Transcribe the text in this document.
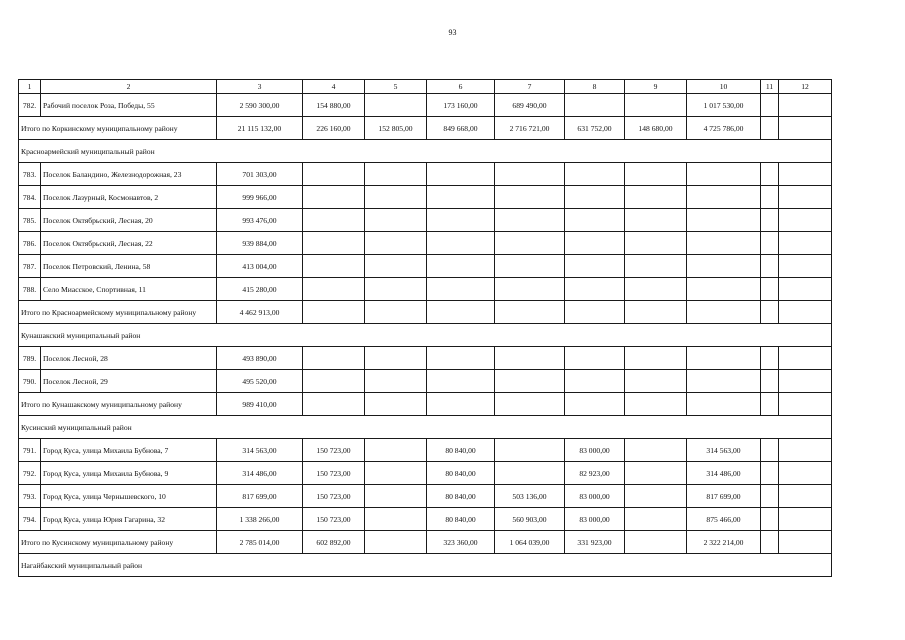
93
1	2	3	4	5	6	7	8	9	10	11	12
782.	Рабочий поселок Роза, Победы, 55	2 590 300,00	154 880,00		173 160,00	689 490,00			1 017 530,00		
Итого по Коркинскому муниципальному району		21 115 132,00	226 160,00	152 805,00	849 668,00	2 716 721,00	631 752,00	148 680,00	4 725 786,00		
Красноармейский муниципальный район											
783.	Поселок Баландино, Железнодорожная, 23	701 303,00									
784.	Поселок Лазурный, Космонавтов, 2	999 966,00									
785.	Поселок Октябрьский, Лесная, 20	993 476,00									
786.	Поселок Октябрьский, Лесная, 22	939 884,00									
787.	Поселок Петровский, Ленина, 58	413 004,00									
788.	Село Миасское, Спортивная, 11	415 280,00									
Итого по Красноармейскому муниципальному району		4 462 913,00									
Кунашакский муниципальный район											
789.	Поселок Лесной, 28	493 890,00									
790.	Поселок Лесной, 29	495 520,00									
Итого по Кунашакскому муниципальному району		989 410,00									
Кусинский муниципальный район											
791.	Город Куса, улица Михаила Бубнова, 7	314 563,00	150 723,00		80 840,00		83 000,00		314 563,00		
792.	Город Куса, улица Михаила Бубнова, 9	314 486,00	150 723,00		80 840,00		82 923,00		314 486,00		
793.	Город Куса, улица Чернышевского, 10	817 699,00	150 723,00		80 840,00	503 136,00	83 000,00		817 699,00		
794.	Город Куса, улица Юрия Гагарина, 32	1 338 266,00	150 723,00		80 840,00	560 903,00	83 000,00		875 466,00		
Итого по Кусинскому муниципальному району		2 785 014,00	602 892,00		323 360,00	1 064 039,00	331 923,00		2 322 214,00		
Нагайбакский муниципальный район											
